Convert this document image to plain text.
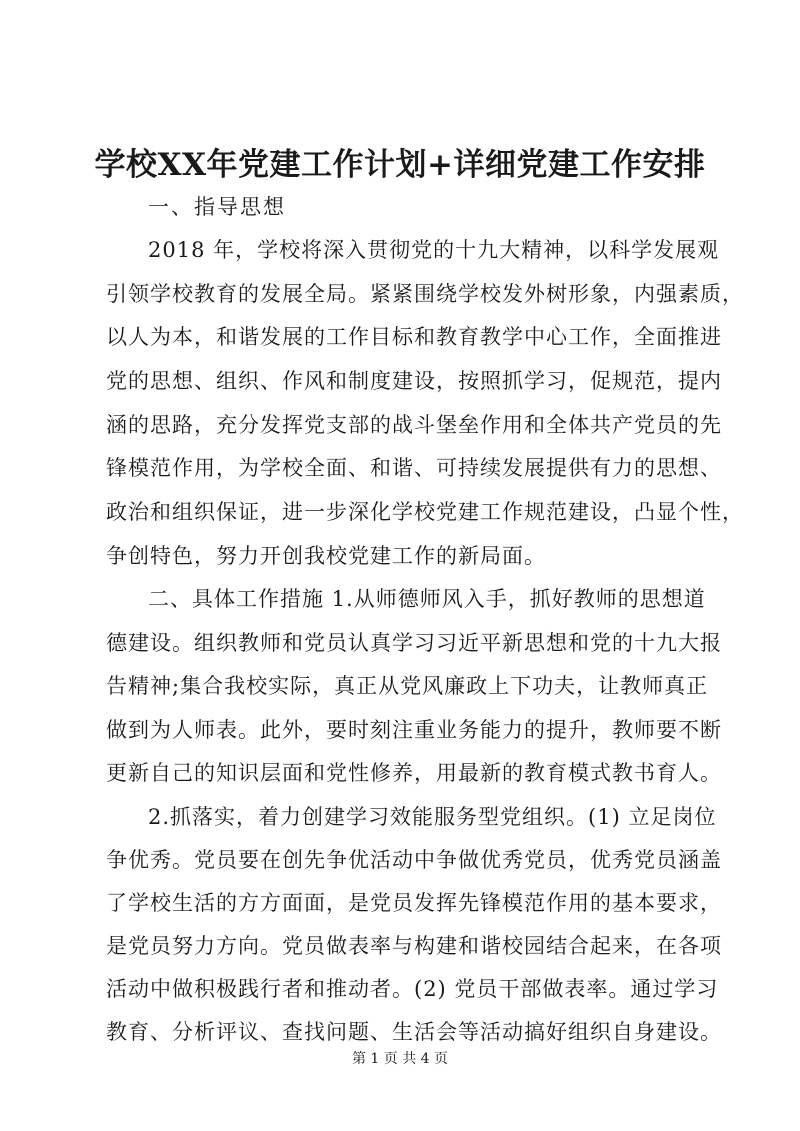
学校XX年党建工作计划+详细党建工作安排
一、指导思想
2018 年，学校将深入贯彻党的十九大精神，以科学发展观
引领学校教育的发展全局。紧紧围绕学校发外树形象，内强素质，
以人为本，和谐发展的工作目标和教育教学中心工作，全面推进
党的思想、组织、作风和制度建设，按照抓学习，促规范，提内
涵的思路，充分发挥党支部的战斗堡垒作用和全体共产党员的先
锋模范作用，为学校全面、和谐、可持续发展提供有力的思想、
政治和组织保证，进一步深化学校党建工作规范建设，凸显个性，
争创特色，努力开创我校党建工作的新局面。
二、具体工作措施 1.从师德师风入手，抓好教师的思想道
德建设。组织教师和党员认真学习习近平新思想和党的十九大报
告精神;集合我校实际，真正从党风廉政上下功夫，让教师真正
做到为人师表。此外，要时刻注重业务能力的提升，教师要不断
更新自己的知识层面和党性修养，用最新的教育模式教书育人。
2.抓落实，着力创建学习效能服务型党组织。(1) 立足岗位
争优秀。党员要在创先争优活动中争做优秀党员，优秀党员涵盖
了学校生活的方方面面，是党员发挥先锋模范作用的基本要求，
是党员努力方向。党员做表率与构建和谐校园结合起来，在各项
活动中做积极践行者和推动者。(2) 党员干部做表率。通过学习
教育、分析评议、查找问题、生活会等活动搞好组织自身建设。
第 1 页 共 4 页
